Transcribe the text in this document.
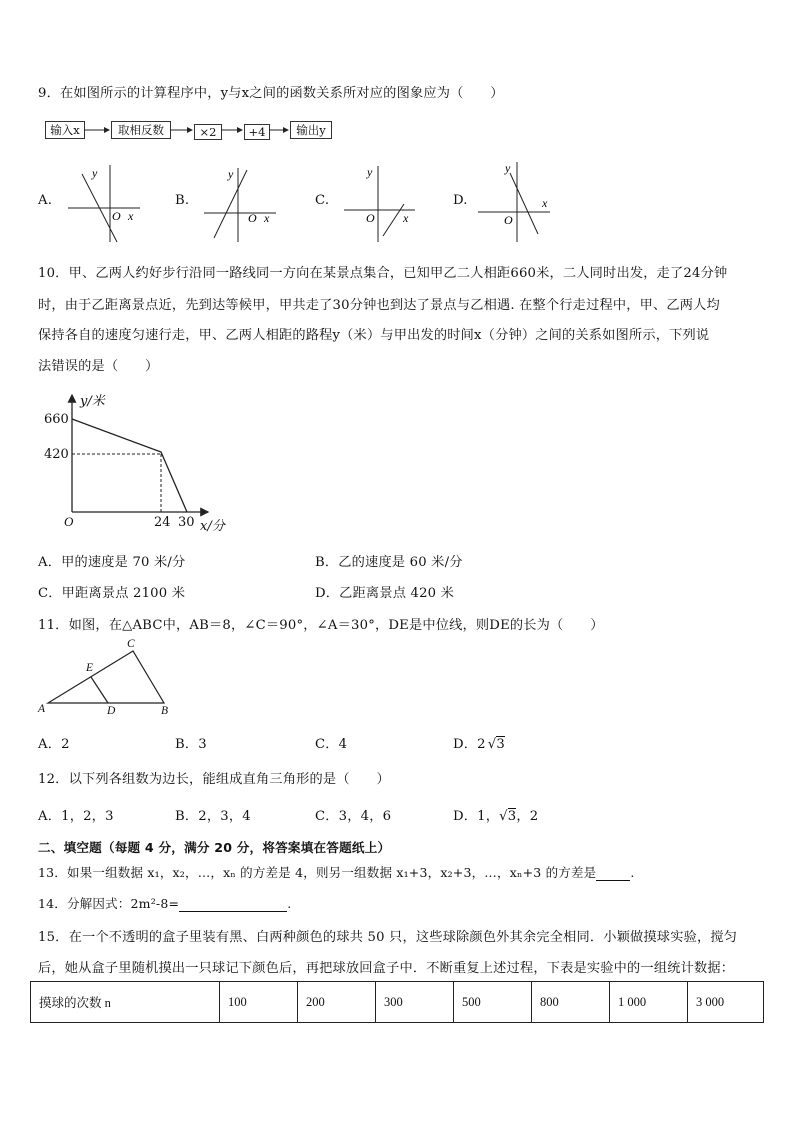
9．在如图所示的计算程序中，y与x之间的函数关系所对应的图象应为（　　）
输入x	取相反数	×2	+4	输出y
A.	B.	C.	D.
y
O x
y
O x
y
O x
y
O
x
10．甲、乙两人约好步行沿同一路线同一方向在某景点集合，已知甲乙二人相距660米，二人同时出发，走了24分钟
时，由于乙距离景点近，先到达等候甲，甲共走了30分钟也到达了景点与乙相遇. 在整个行走过程中，甲、乙两人均
保持各自的速度匀速行走，甲、乙两人相距的路程y（米）与甲出发的时间x（分钟）之间的关系如图所示，下列说
法错误的是（　　）
y/米
660
420
O	24 30 x/分
A．甲的速度是 70 米/分	B．乙的速度是 60 米/分
C．甲距离景点 2100 米	D．乙距离景点 420 米
11．如图，在△ABC中，AB＝8，∠C＝90°，∠A＝30°，DE是中位线，则DE的长为（　　）
C
E
A	D	B
A．2	B．3	C．4	D．2 √3
12．以下列各组数为边长，能组成直角三角形的是（　　）
A．1，2，3	B．2，3，4	C．3，4，6	D．1，√3，2
二、填空题（每题 4 分，满分 20 分，将答案填在答题纸上）
13．如果一组数据 x₁，x₂，…，xₙ 的方差是 4，则另一组数据 x₁+3，x₂+3，…，xₙ+3 的方差是	.
14．分解因式：2m²-8=	.
15．在一个不透明的盒子里装有黑、白两种颜色的球共 50 只，这些球除颜色外其余完全相同．小颖做摸球实验，搅匀
后，她从盒子里随机摸出一只球记下颜色后，再把球放回盒子中．不断重复上述过程，下表是实验中的一组统计数据：
摸球的次数 n	100	200	300	500	800	1 000	3 000
